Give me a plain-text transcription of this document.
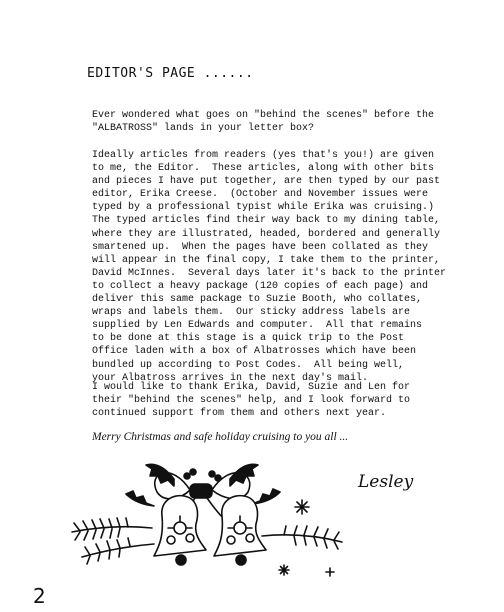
EDITOR'S PAGE ......
Ever wondered what goes on "behind the scenes" before the
"ALBATROSS" lands in your letter box?
Ideally articles from readers (yes that's you!) are given
to me, the Editor.  These articles, along with other bits
and pieces I have put together, are then typed by our past
editor, Erika Creese.  (October and November issues were
typed by a professional typist while Erika was cruising.)
The typed articles find their way back to my dining table,
where they are illustrated, headed, bordered and generally
smartened up.  When the pages have been collated as they
will appear in the final copy, I take them to the printer,
David McInnes.  Several days later it's back to the printer
to collect a heavy package (120 copies of each page) and
deliver this same package to Suzie Booth, who collates,
wraps and labels them.  Our sticky address labels are
supplied by Len Edwards and computer.  All that remains
to be done at this stage is a quick trip to the Post
Office laden with a box of Albatrosses which have been
bundled up according to Post Codes.  All being well,
your Albatross arrives in the next day's mail.
I would like to thank Erika, David, Suzie and Len for
their "behind the scenes" help, and I look forward to
continued support from them and others next year.
Merry Christmas and safe holiday cruising to you all ...
Lesley
2
